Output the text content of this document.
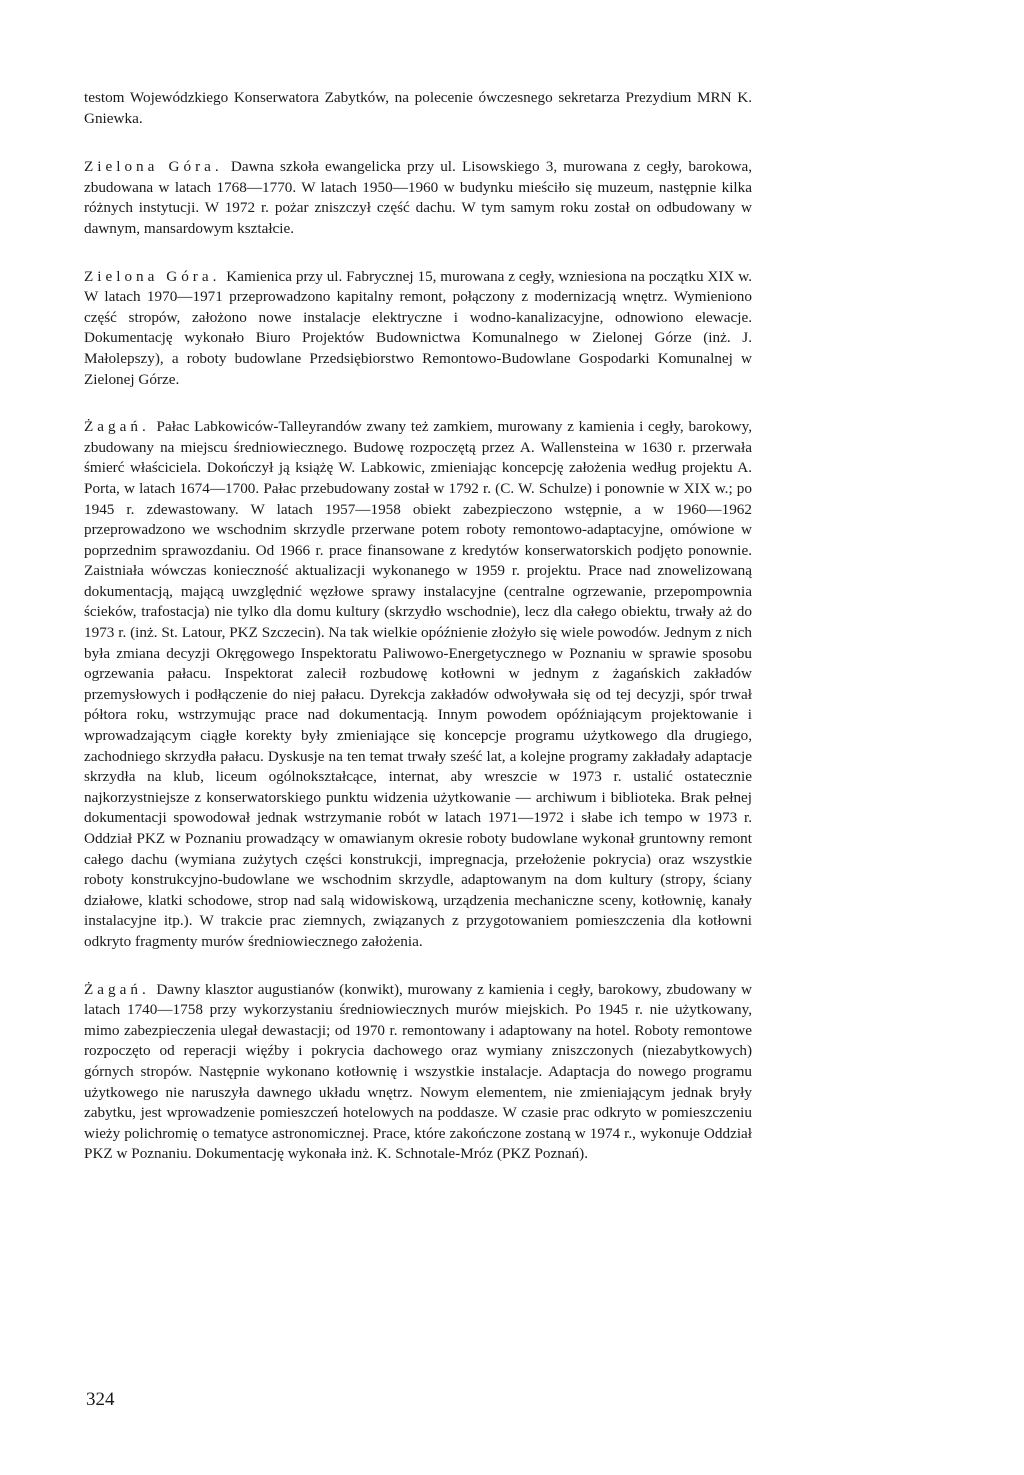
testom Wojewódzkiego Konserwatora Zabytków, na polecenie ówczesnego sekretarza Prezydium MRN K. Gniewka.

Zielona Góra. Dawna szkoła ewangelicka przy ul. Lisowskiego 3, murowana z cegły, barokowa, zbudowana w latach 1768—1770. W latach 1950—1960 w budynku mieściło się muzeum, następnie kilka różnych instytucji. W 1972 r. pożar zniszczył część dachu. W tym samym roku został on odbudowany w dawnym, mansardowym kształcie.

Zielona Góra. Kamienica przy ul. Fabrycznej 15, murowana z cegły, wzniesiona na początku XIX w. W latach 1970—1971 przeprowadzono kapitalny remont, połączony z modernizacją wnętrz. Wymieniono część stropów, założono nowe instalacje elektryczne i wodno-kanalizacyjne, odnowiono elewacje. Dokumentację wykonało Biuro Projektów Budownictwa Komunalnego w Zielonej Górze (inż. J. Małolepszy), a roboty budowlane Przedsiębiorstwo Remontowo-Budowlane Gospodarki Komunalnej w Zielonej Górze.

Żagań. Pałac Labkowiców-Talleyrandów zwany też zamkiem, murowany z kamienia i cegły, barokowy, zbudowany na miejscu średniowiecznego. Budowę rozpoczętą przez A. Wallensteina w 1630 r. przerwała śmierć właściciela. Dokończył ją książę W. Labkowic, zmieniając koncepcję założenia według projektu A. Porta, w latach 1674—1700. Pałac przebudowany został w 1792 r. (C. W. Schulze) i ponownie w XIX w.; po 1945 r. zdewastowany. W latach 1957—1958 obiekt zabezpieczono wstępnie, a w 1960—1962 przeprowadzono we wschodnim skrzydle przerwane potem roboty remontowo-adaptacyjne, omówione w poprzednim sprawozdaniu. Od 1966 r. prace finansowane z kredytów konserwatorskich podjęto ponownie. Zaistniała wówczas konieczność aktualizacji wykonanego w 1959 r. projektu. Prace nad znowelizowaną dokumentacją, mającą uwzględnić węzłowe sprawy instalacyjne (centralne ogrzewanie, przepompownia ścieków, trafostacja) nie tylko dla domu kultury (skrzydło wschodnie), lecz dla całego obiektu, trwały aż do 1973 r. (inż. St. Latour, PKZ Szczecin). Na tak wielkie opóźnienie złożyło się wiele powodów. Jednym z nich była zmiana decyzji Okręgowego Inspektoratu Paliwowo-Energetycznego w Poznaniu w sprawie sposobu ogrzewania pałacu. Inspektorat zalecił rozbudowę kotłowni w jednym z żagańskich zakładów przemysłowych i podłączenie do niej pałacu. Dyrekcja zakładów odwoływała się od tej decyzji, spór trwał półtora roku, wstrzymując prace nad dokumentacją. Innym powodem opóźniającym projektowanie i wprowadzającym ciągłe korekty były zmieniające się koncepcje programu użytkowego dla drugiego, zachodniego skrzydła pałacu. Dyskusje na ten temat trwały sześć lat, a kolejne programy zakładały adaptacje skrzydła na klub, liceum ogólnokształcące, internat, aby wreszcie w 1973 r. ustalić ostatecznie najkorzystniejsze z konserwatorskiego punktu widzenia użytkowanie — archiwum i biblioteka. Brak pełnej dokumentacji spowodował jednak wstrzymanie robót w latach 1971—1972 i słabe ich tempo w 1973 r. Oddział PKZ w Poznaniu prowadzący w omawianym okresie roboty budowlane wykonał gruntowny remont całego dachu (wymiana zużytych części konstrukcji, impregnacja, przełożenie pokrycia) oraz wszystkie roboty konstrukcyjno-budowlane we wschodnim skrzydle, adaptowanym na dom kultury (stropy, ściany działowe, klatki schodowe, strop nad salą widowiskową, urządzenia mechaniczne sceny, kotłownię, kanały instalacyjne itp.). W trakcie prac ziemnych, związanych z przygotowaniem pomieszczenia dla kotłowni odkryto fragmenty murów średniowiecznego założenia.

Żagań. Dawny klasztor augustianów (konwikt), murowany z kamienia i cegły, barokowy, zbudowany w latach 1740—1758 przy wykorzystaniu średniowiecznych murów miejskich. Po 1945 r. nie użytkowany, mimo zabezpieczenia ulegał dewastacji; od 1970 r. remontowany i adaptowany na hotel. Roboty remontowe rozpoczęto od reperacji więźby i pokrycia dachowego oraz wymiany zniszczonych (niezabytkowych) górnych stropów. Następnie wykonano kotłownię i wszystkie instalacje. Adaptacja do nowego programu użytkowego nie naruszyła dawnego układu wnętrz. Nowym elementem, nie zmieniającym jednak bryły zabytku, jest wprowadzenie pomieszczeń hotelowych na poddasze. W czasie prac odkryto w pomieszczeniu wieży polichromię o tematyce astronomicznej. Prace, które zakończone zostaną w 1974 r., wykonuje Oddział PKZ w Poznaniu. Dokumentację wykonała inż. K. Schnotale-Mróz (PKZ Poznań).

324
